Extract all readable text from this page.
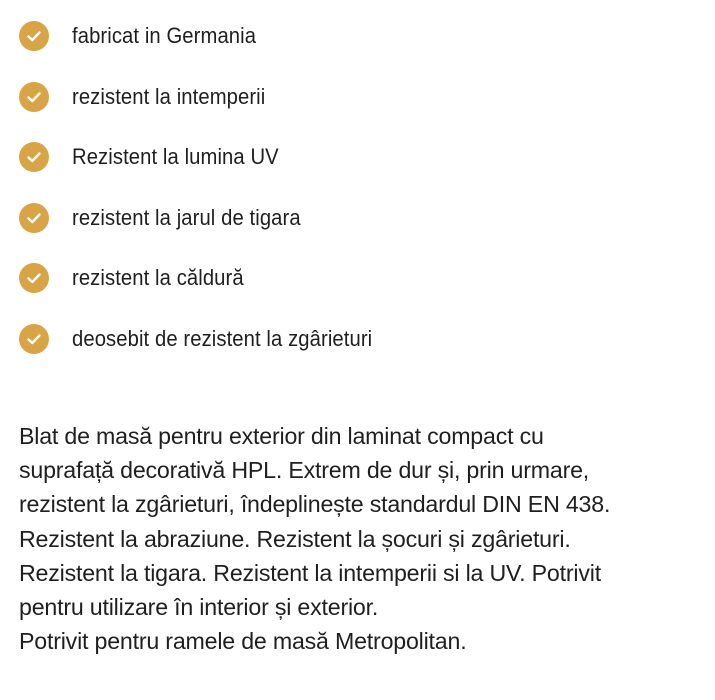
fabricat in Germania
rezistent la intemperii
Rezistent la lumina UV
rezistent la jarul de tigara
rezistent la căldură
deosebit de rezistent la zgârieturi

Blat de masă pentru exterior din laminat compact cu
suprafață decorativă HPL. Extrem de dur și, prin urmare,
rezistent la zgârieturi, îndeplinește standardul DIN EN 438.
Rezistent la abraziune. Rezistent la șocuri și zgârieturi.
Rezistent la tigara. Rezistent la intemperii si la UV. Potrivit
pentru utilizare în interior și exterior.
Potrivit pentru ramele de masă Metropolitan.
